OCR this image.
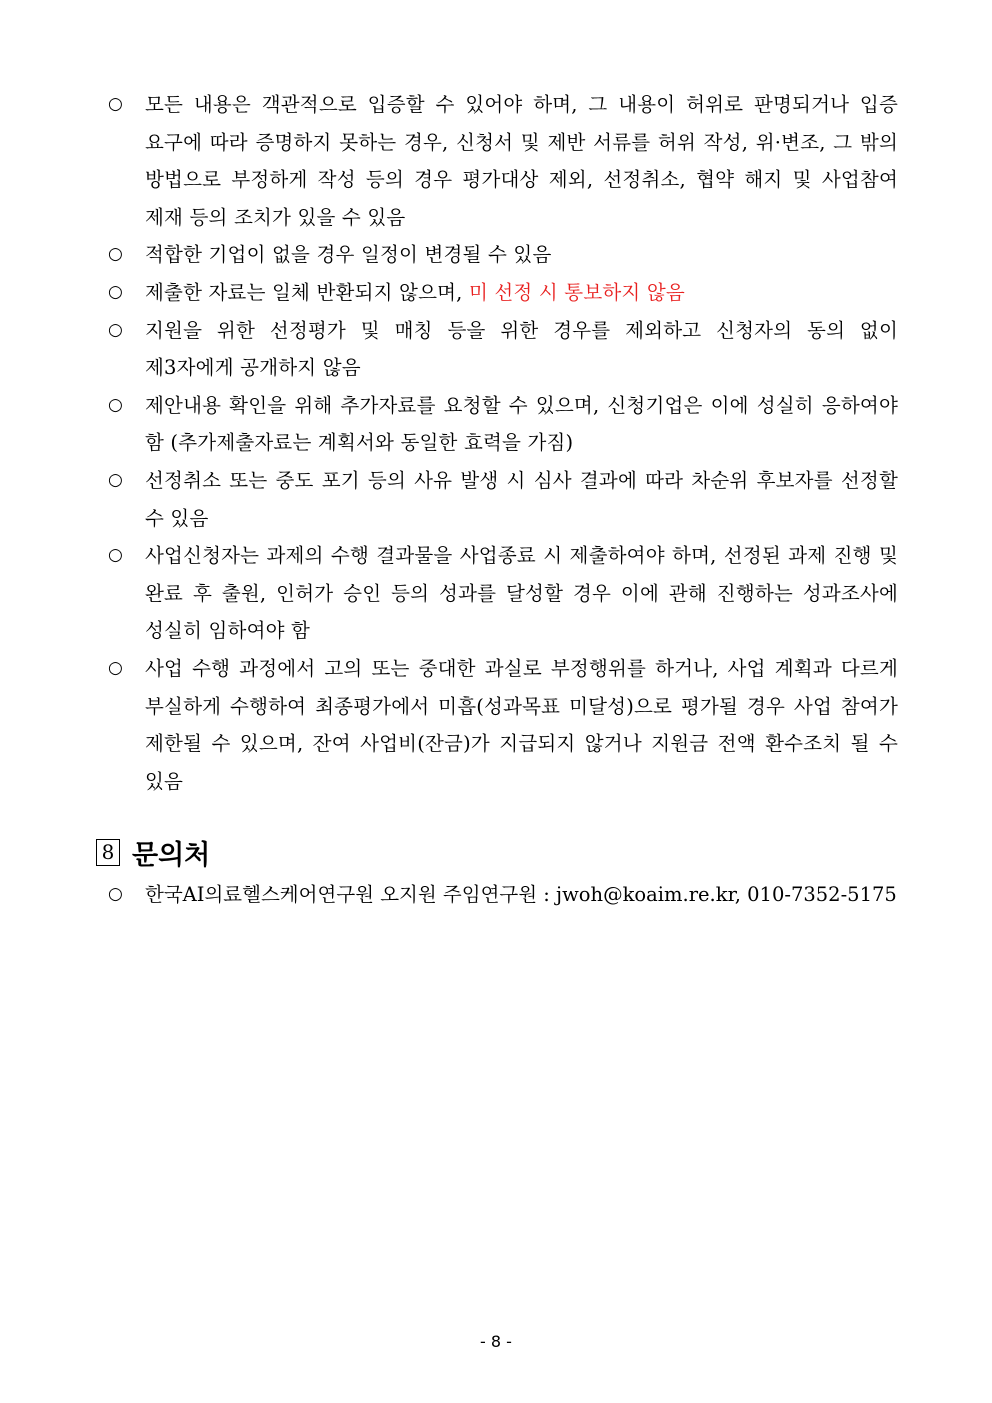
○ 모든 내용은 객관적으로 입증할 수 있어야 하며, 그 내용이 허위로 판명되거나 입증 요구에 따라 증명하지 못하는 경우, 신청서 및 제반 서류를 허위 작성, 위·변조, 그 밖의 방법으로 부정하게 작성 등의 경우 평가대상 제외, 선정취소, 협약 해지 및 사업참여 제재 등의 조치가 있을 수 있음
○ 적합한 기업이 없을 경우 일정이 변경될 수 있음
○ 제출한 자료는 일체 반환되지 않으며, 미 선정 시 통보하지 않음
○ 지원을 위한 선정평가 및 매칭 등을 위한 경우를 제외하고 신청자의 동의 없이 제3자에게 공개하지 않음
○ 제안내용 확인을 위해 추가자료를 요청할 수 있으며, 신청기업은 이에 성실히 응하여야 함 (추가제출자료는 계획서와 동일한 효력을 가짐)
○ 선정취소 또는 중도 포기 등의 사유 발생 시 심사 결과에 따라 차순위 후보자를 선정할 수 있음
○ 사업신청자는 과제의 수행 결과물을 사업종료 시 제출하여야 하며, 선정된 과제 진행 및 완료 후 출원, 인허가 승인 등의 성과를 달성할 경우 이에 관해 진행하는 성과조사에 성실히 임하여야 함
○ 사업 수행 과정에서 고의 또는 중대한 과실로 부정행위를 하거나, 사업 계획과 다르게 부실하게 수행하여 최종평가에서 미흡(성과목표 미달성)으로 평가될 경우 사업 참여가 제한될 수 있으며, 잔여 사업비(잔금)가 지급되지 않거나 지원금 전액 환수조치 될 수 있음
8 문의처
○ 한국AI의료헬스케어연구원 오지원 주임연구원 : jwoh@koaim.re.kr, 010-7352-5175
- 8 -
